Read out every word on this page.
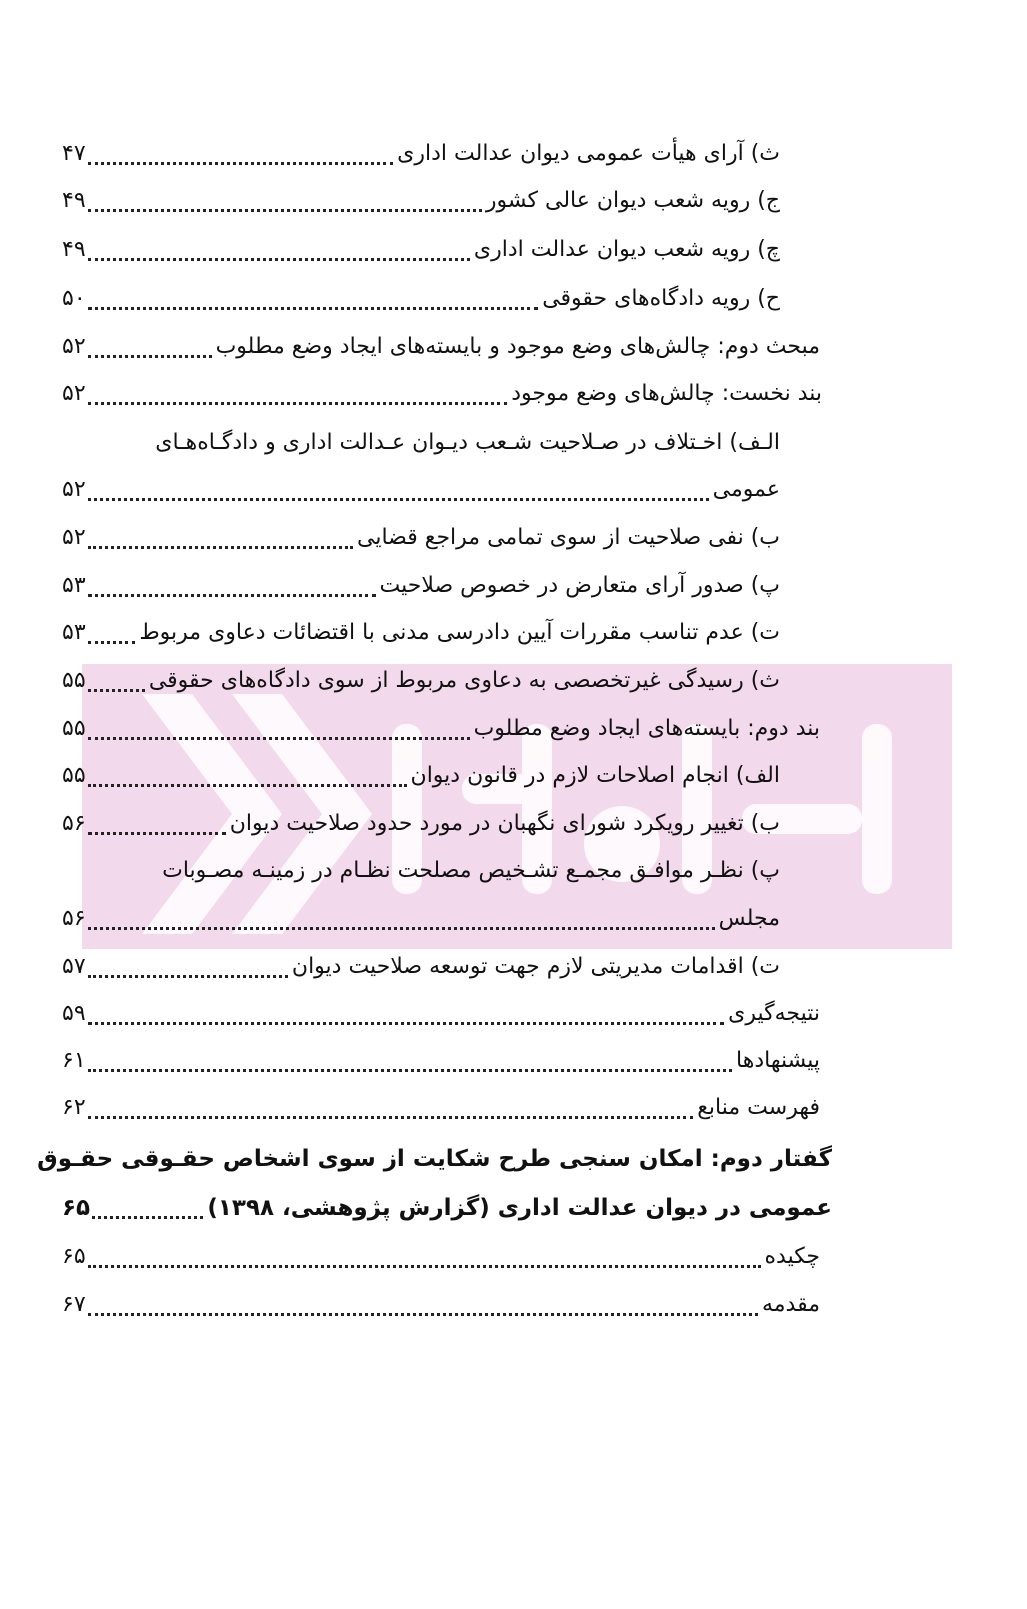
ث) آرای هیأت عمومی دیوان عدالت اداری
۴۷
ج) رویه شعب دیوان عالی کشور
۴۹
چ) رویه شعب دیوان عدالت اداری
۴۹
ح) رویه دادگاه‌های حقوقی
۵۰
مبحث دوم: چالش‌های وضع موجود و بایسته‌های ایجاد وضع مطلوب
۵۲
بند نخست: چالش‌های وضع موجود
۵۲
الـف) اخـتلاف در صـلاحیت شـعب دیـوان عـدالت اداری و دادگـاه‌هـای
عمومی
۵۲
ب) نفی صلاحیت از سوی تمامی مراجع قضایی
۵۲
پ) صدور آرای متعارض در خصوص صلاحیت
۵۳
ت) عدم تناسب مقررات آیین دادرسی مدنی با اقتضائات دعاوی مربوط
۵۳
ث) رسیدگی غیرتخصصی به دعاوی مربوط از سوی دادگاه‌های حقوقی
۵۵
بند دوم: بایسته‌های ایجاد وضع مطلوب
۵۵
الف) انجام اصلاحات لازم در قانون دیوان
۵۵
ب) تغییر رویکرد شورای نگهبان در مورد حدود صلاحیت دیوان
۵۶
پ) نظـر موافـق مجمـع تشـخیص مصلحت نظـام در زمینـه مصـوبات
مجلس
۵۶
ت) اقدامات مدیریتی لازم جهت توسعه صلاحیت دیوان
۵۷
نتیجه‌گیری
۵۹
پیشنهادها
۶۱
فهرست منابع
۶۲
گفتار دوم: امکان سنجی طرح شکایت از سوی اشخاص حقـوقی حقـوق
عمومی در دیوان عدالت اداری (گزارش پژوهشی، ۱۳۹۸)
۶۵
چکیده
۶۵
مقدمه
۶۷
